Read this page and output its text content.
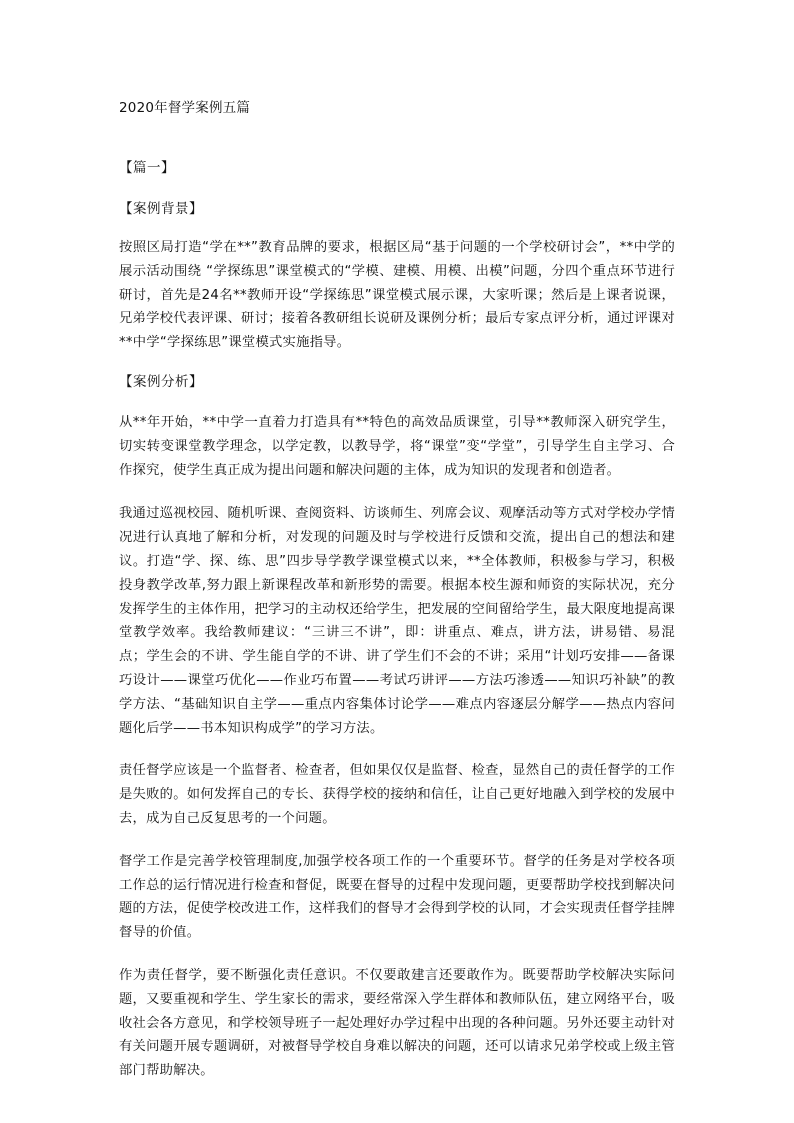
2020年督学案例五篇
【篇一】
【案例背景】

按照区局打造“学在**”教育品牌的要求，根据区局“基于问题的一个学校研讨会”，**中学的展示活动围绕 “学探练思”课堂模式的“学模、建模、用模、出模”问题，分四个重点环节进行研讨，首先是24名**教师开设“学探练思”课堂模式展示课，大家听课；然后是上课者说课，兄弟学校代表评课、研讨；接着各教研组长说研及课例分析；最后专家点评分析，通过评课对**中学“学探练思”课堂模式实施指导。

【案例分析】

从**年开始，**中学一直着力打造具有**特色的高效品质课堂，引导**教师深入研究学生，切实转变课堂教学理念，以学定教，以教导学，将“课堂”变“学堂”，引导学生自主学习、合作探究，使学生真正成为提出问题和解决问题的主体，成为知识的发现者和创造者。

我通过巡视校园、随机听课、查阅资料、访谈师生、列席会议、观摩活动等方式对学校办学情况进行认真地了解和分析，对发现的问题及时与学校进行反馈和交流，提出自己的想法和建议。打造“学、探、练、思”四步导学教学课堂模式以来，**全体教师，积极参与学习，积极投身教学改革,努力跟上新课程改革和新形势的需要。根据本校生源和师资的实际状况，充分发挥学生的主体作用，把学习的主动权还给学生，把发展的空间留给学生，最大限度地提高课堂教学效率。我给教师建议：“三讲三不讲”，即：讲重点、难点，讲方法，讲易错、易混点；学生会的不讲、学生能自学的不讲、讲了学生们不会的不讲；采用“计划巧安排——备课巧设计——课堂巧优化——作业巧布置——考试巧讲评——方法巧渗透——知识巧补缺”的教学方法、“基础知识自主学——重点内容集体讨论学——难点内容逐层分解学——热点内容问题化后学——书本知识构成学”的学习方法。

责任督学应该是一个监督者、检查者，但如果仅仅是监督、检查，显然自己的责任督学的工作是失败的。如何发挥自己的专长、获得学校的接纳和信任，让自己更好地融入到学校的发展中去，成为自己反复思考的一个问题。

督学工作是完善学校管理制度,加强学校各项工作的一个重要环节。督学的任务是对学校各项工作总的运行情况进行检查和督促，既要在督导的过程中发现问题，更要帮助学校找到解决问题的方法，促使学校改进工作，这样我们的督导才会得到学校的认同，才会实现责任督学挂牌督导的价值。

作为责任督学，要不断强化责任意识。不仅要敢建言还要敢作为。既要帮助学校解决实际问题，又要重视和学生、学生家长的需求，要经常深入学生群体和教师队伍，建立网络平台，吸收社会各方意见，和学校领导班子一起处理好办学过程中出现的各种问题。另外还要主动针对有关问题开展专题调研，对被督导学校自身难以解决的问题，还可以请求兄弟学校或上级主管部门帮助解决。
